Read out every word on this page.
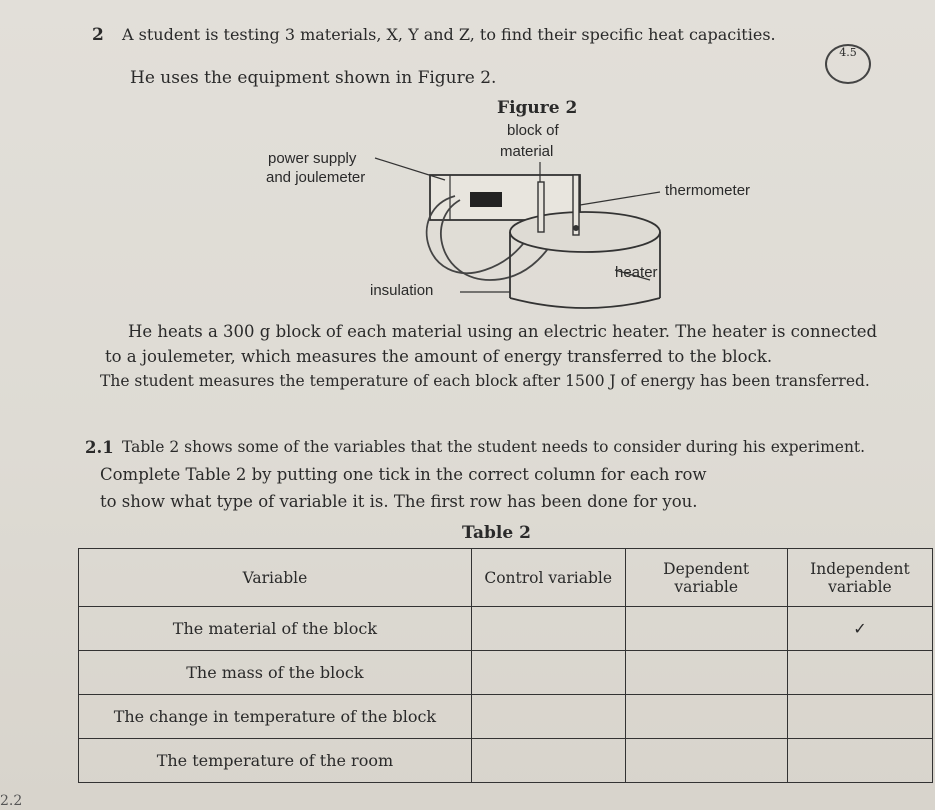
2 A student is testing 3 materials, X, Y and Z, to find their specific heat capacities.
4.5
He uses the equipment shown in Figure 2.
Figure 2
block of
material
power supply
and joulemeter
thermometer
heater
insulation
He heats a 300 g block of each material using an electric heater. The heater is connected
to a joulemeter, which measures the amount of energy transferred to the block.
The student measures the temperature of each block after 1500 J of energy has been transferred.
2.1 Table 2 shows some of the variables that the student needs to consider during his experiment.
Complete Table 2 by putting one tick in the correct column for each row
to show what type of variable it is. The first row has been done for you.
Table 2
Variable	Control variable	Dependent variable	Independent variable
The material of the block			✓
The mass of the block			
The change in temperature of the block			
The temperature of the room			
2.2
